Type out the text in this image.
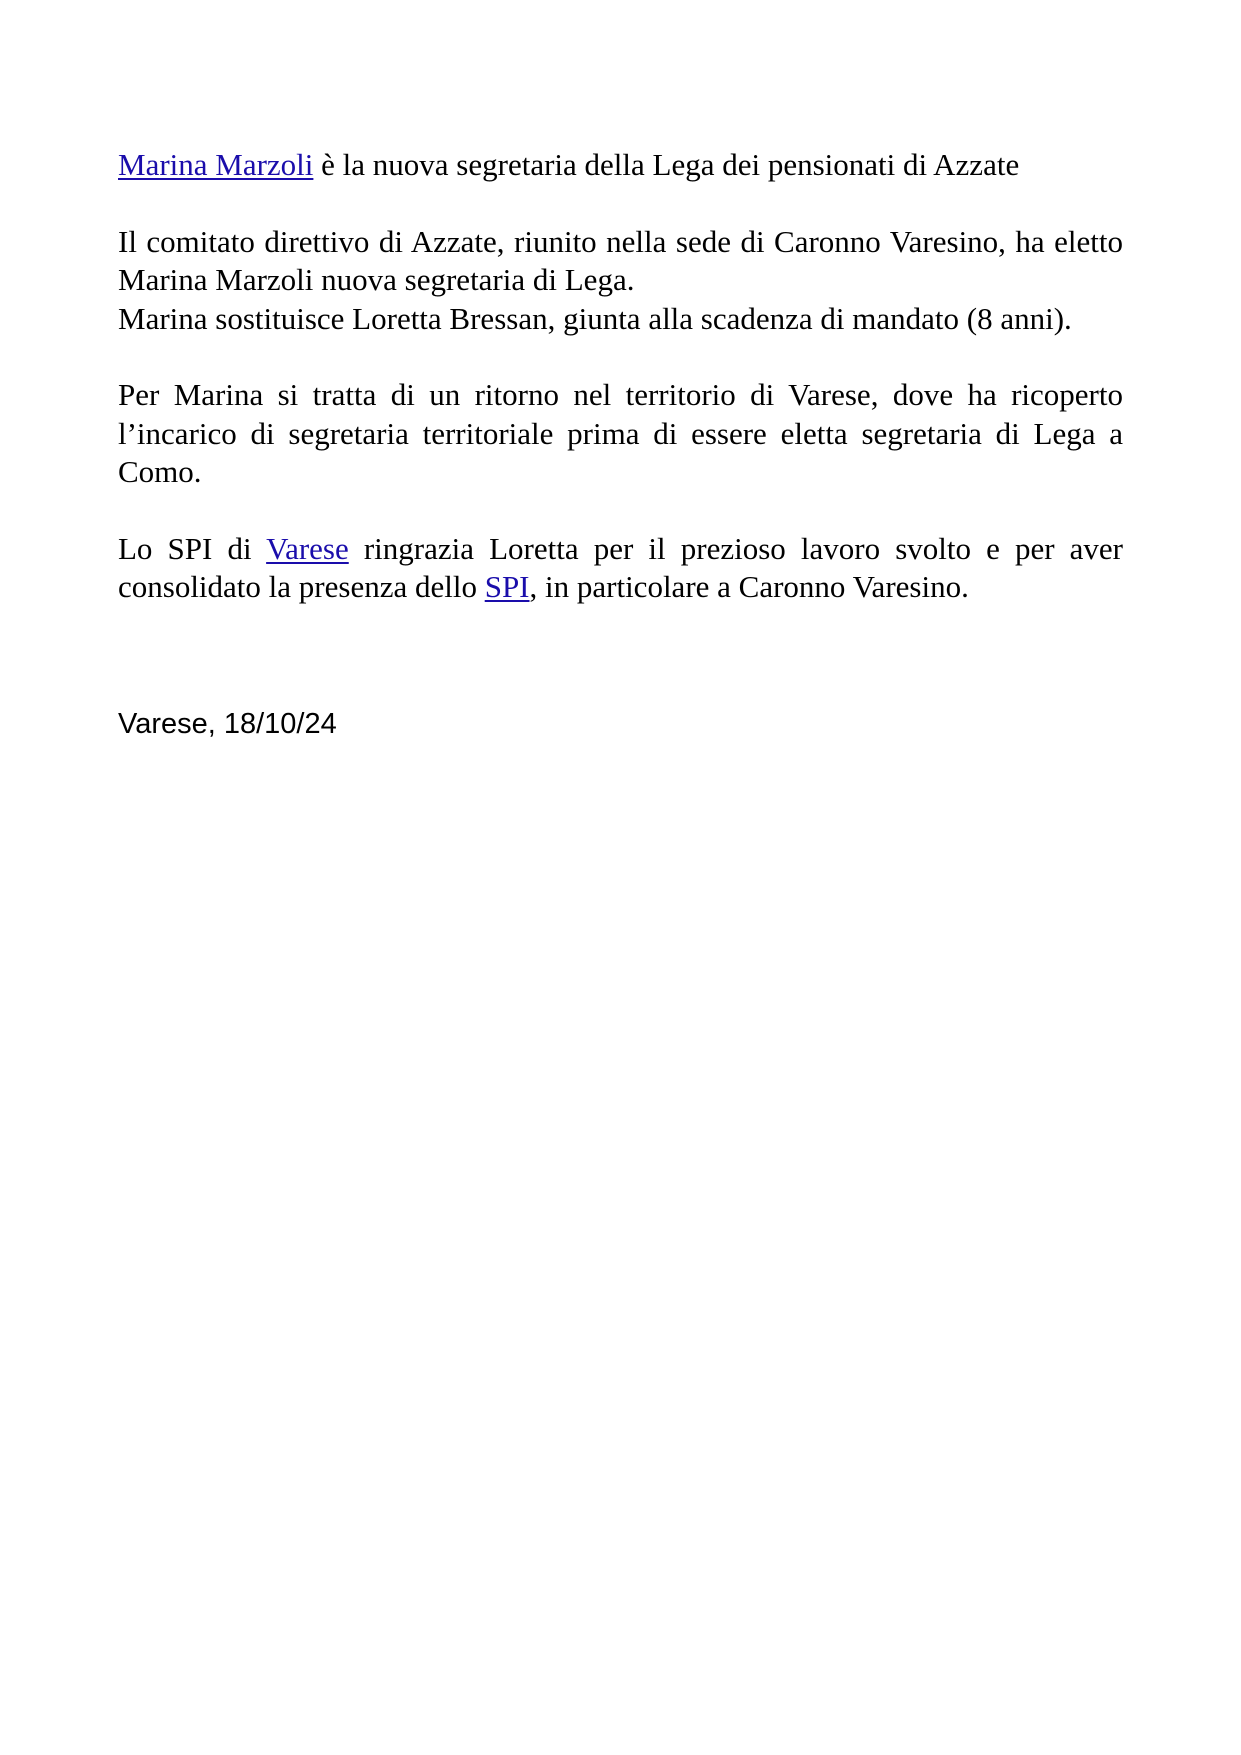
Marina Marzoli è la nuova segretaria della Lega dei pensionati di Azzate

Il comitato direttivo di Azzate, riunito nella sede di Caronno Varesino, ha eletto Marina Marzoli nuova segretaria di Lega.

Marina sostituisce Loretta Bressan, giunta alla scadenza di mandato (8 anni).

Per Marina si tratta di un ritorno nel territorio di Varese, dove ha ricoperto l’incarico di segretaria territoriale prima di essere eletta segretaria di Lega a Como.

Lo SPI di Varese ringrazia Loretta per il prezioso lavoro svolto e per aver consolidato la presenza dello SPI, in particolare a Caronno Varesino.

Varese, 18/10/24
